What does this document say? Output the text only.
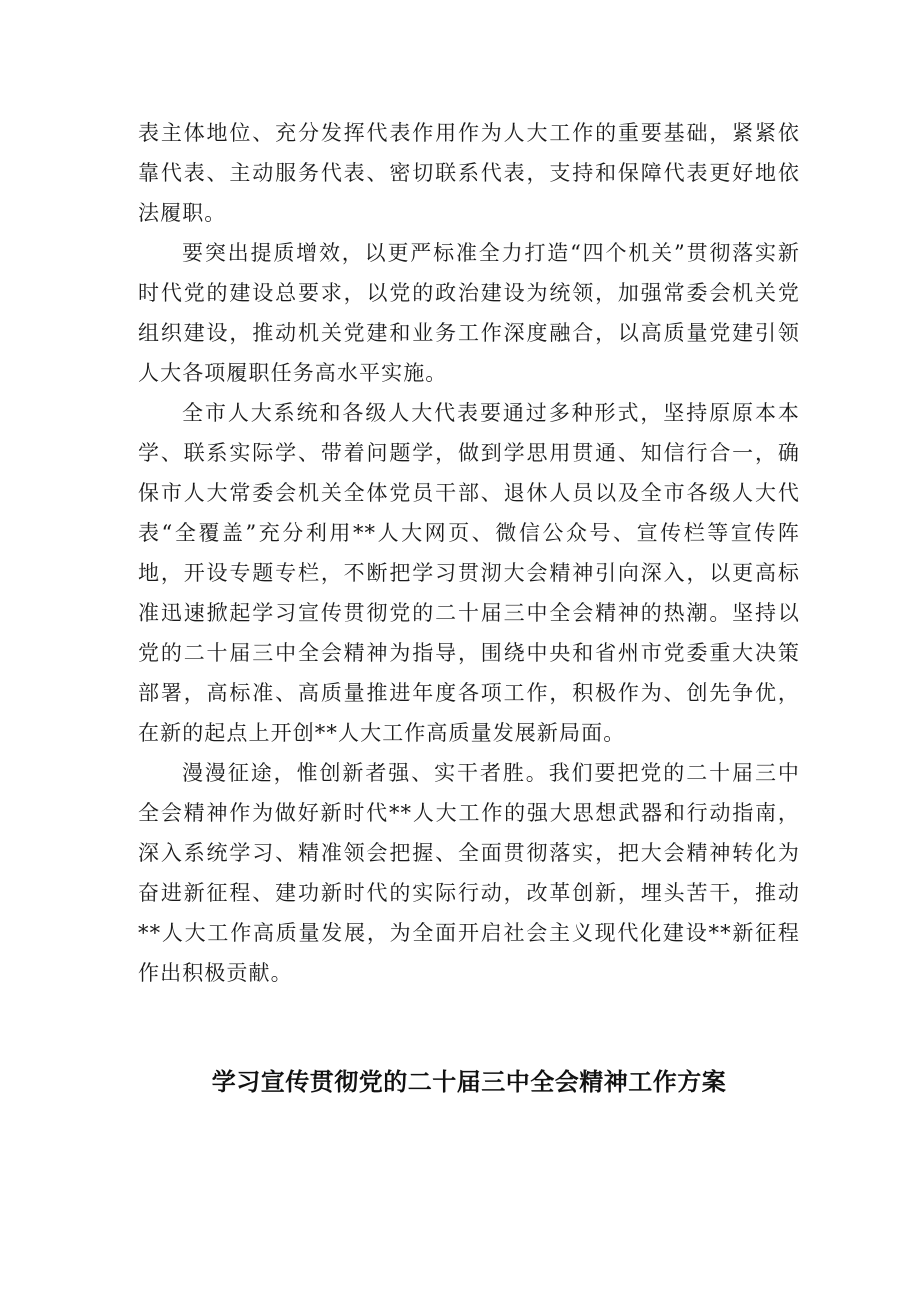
表主体地位、充分发挥代表作用作为人大工作的重要基础，紧紧依靠代表、主动服务代表、密切联系代表，支持和保障代表更好地依法履职。

要突出提质增效，以更严标准全力打造“四个机关”贯彻落实新时代党的建设总要求，以党的政治建设为统领，加强常委会机关党组织建设，推动机关党建和业务工作深度融合，以高质量党建引领人大各项履职任务高水平实施。

全市人大系统和各级人大代表要通过多种形式，坚持原原本本学、联系实际学、带着问题学，做到学思用贯通、知信行合一，确保市人大常委会机关全体党员干部、退休人员以及全市各级人大代表“全覆盖”充分利用**人大网页、微信公众号、宣传栏等宣传阵地，开设专题专栏，不断把学习贯沏大会精神引向深入，以更高标准迅速掀起学习宣传贯彻党的二十届三中全会精神的热潮。坚持以党的二十届三中全会精神为指导，围绕中央和省州市党委重大决策部署，高标准、高质量推进年度各项工作，积极作为、创先争优，在新的起点上开创**人大工作高质量发展新局面。

漫漫征途，惟创新者强、实干者胜。我们要把党的二十届三中全会精神作为做好新时代**人大工作的强大思想武器和行动指南，深入系统学习、精准领会把握、全面贯彻落实，把大会精神转化为奋进新征程、建功新时代的实际行动，改革创新，埋头苦干，推动**人大工作高质量发展，为全面开启社会主义现代化建设**新征程作出积极贡献。

学习宣传贯彻党的二十届三中全会精神工作方案
